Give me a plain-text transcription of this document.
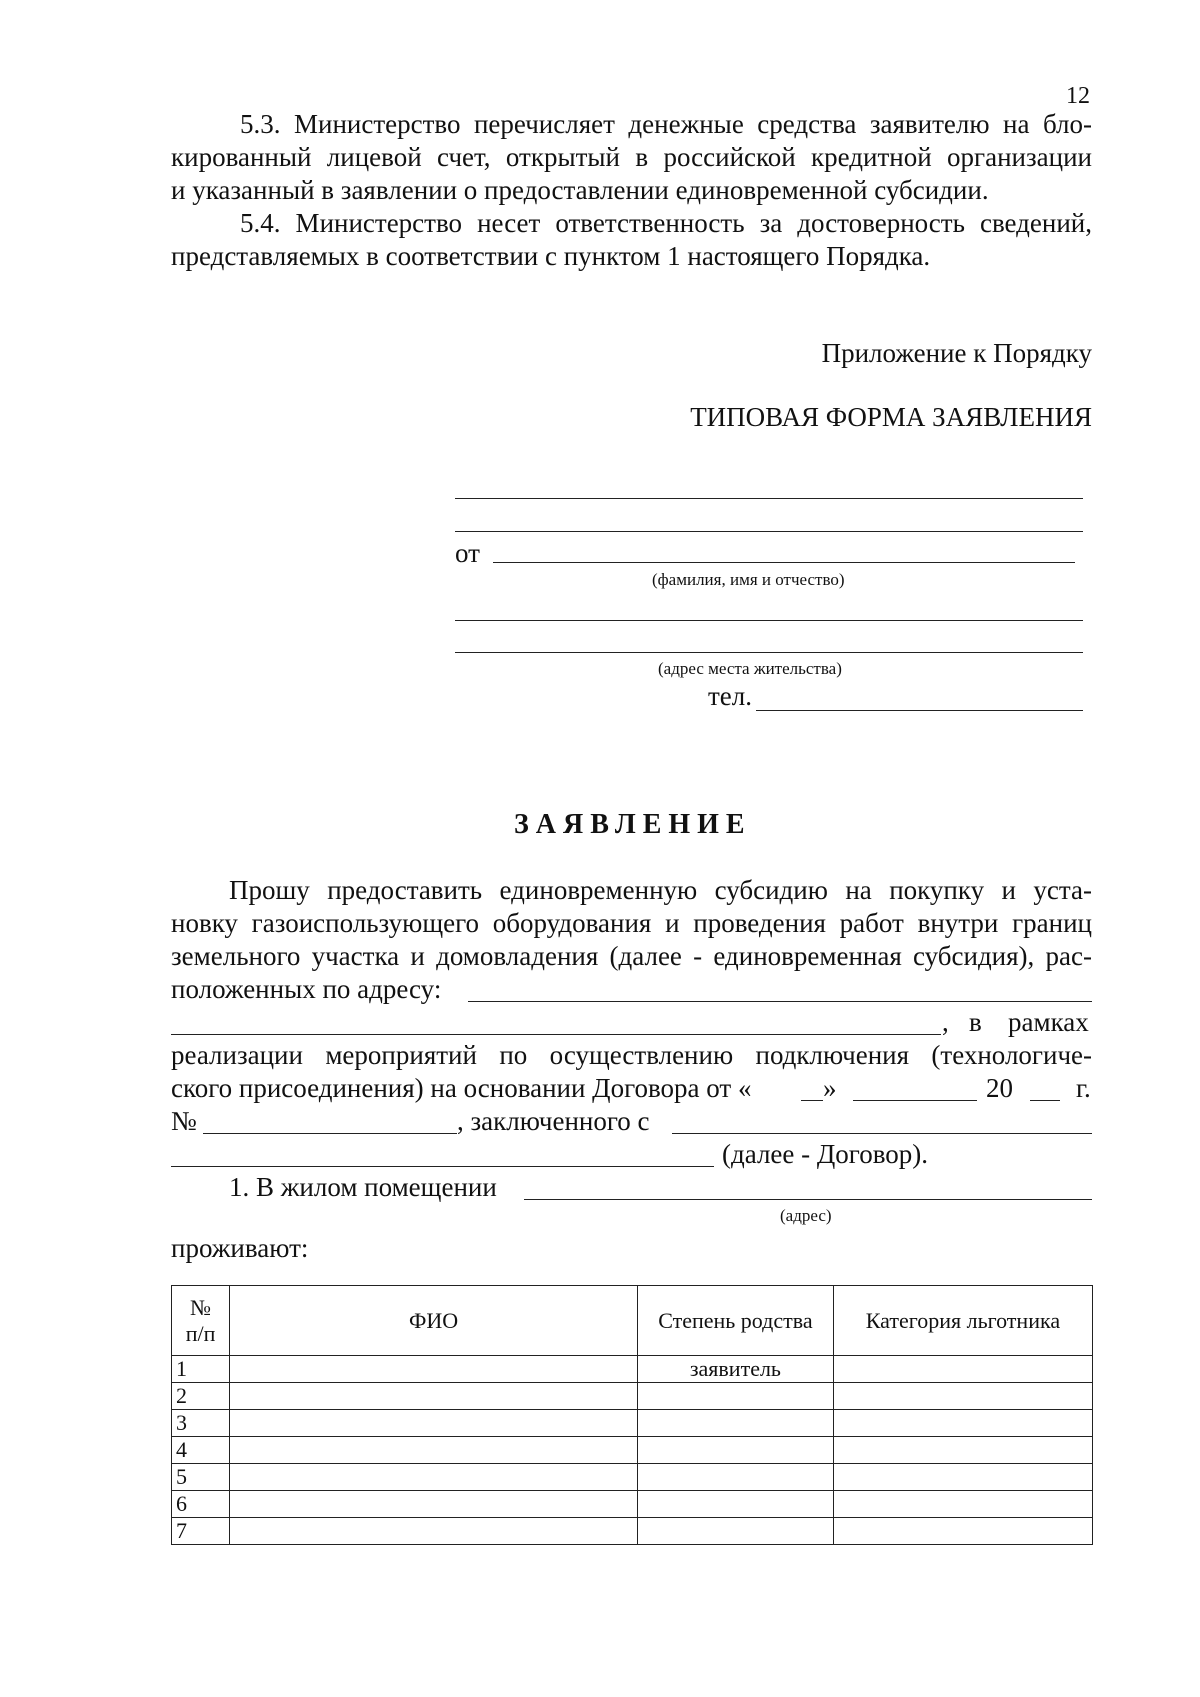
12
5.3. Министерство перечисляет денежные средства заявителю на бло-
кированный лицевой счет, открытый в российской кредитной организации
и указанный в заявлении о предоставлении единовременной субсидии.
5.4. Министерство несет ответственность за достоверность сведений,
представляемых в соответствии с пунктом 1 настоящего Порядка.
Приложение к Порядку
ТИПОВАЯ ФОРМА ЗАЯВЛЕНИЯ
от
(фамилия, имя и отчество)
(адрес места жительства)
тел.
ЗАЯВЛЕНИЕ
Прошу предоставить единовременную субсидию на покупку и уста-
новку газоиспользующего оборудования и проведения работ внутри границ
земельного участка и домовладения (далее - единовременная субсидия), рас-
положенных по адресу:
, в рамках
реализации мероприятий по осуществлению подключения (технологиче-
ского присоединения) на основании Договора от «	»	20 г.
№	, заключенного с
(далее - Договор).
1. В жилом помещении
(адрес)
проживают:
№
п/п	ФИО	Степень родства	Категория льготника
1		заявитель	
2			
3			
4			
5			
6			
7			
